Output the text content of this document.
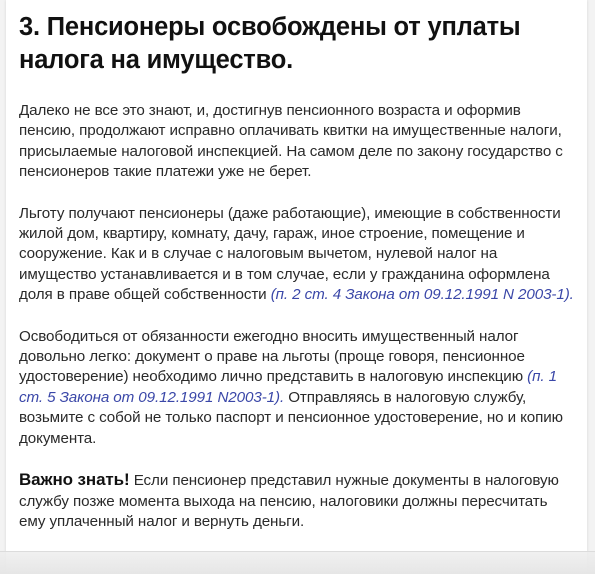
3. Пенсионеры освобождены от уплаты налога на имущество.

Далеко не все это знают, и, достигнув пенсионного возраста и оформив пенсию, продолжают исправно оплачивать квитки на имущественные налоги, присылаемые налоговой инспекцией. На самом деле по закону государство с пенсионеров такие платежи уже не берет.

Льготу получают пенсионеры (даже работающие), имеющие в собственности жилой дом, квартиру, комнату, дачу, гараж, иное строение, помещение и сооружение. Как и в случае с налоговым вычетом, нулевой налог на имущество устанавливается и в том случае, если у гражданина оформлена доля в праве общей собственности (п. 2 ст. 4 Закона от 09.12.1991 N 2003-1).

Освободиться от обязанности ежегодно вносить имущественный налог довольно легко: документ о праве на льготы (проще говоря, пенсионное удостоверение) необходимо лично представить в налоговую инспекцию (п. 1 ст. 5 Закона от 09.12.1991 N2003-1). Отправляясь в налоговую службу, возьмите с собой не только паспорт и пенсионное удостоверение, но и копию документа.

Важно знать! Если пенсионер представил нужные документы в налоговую службу позже момента выхода на пенсию, налоговики должны пересчитать ему уплаченный налог и вернуть деньги.
